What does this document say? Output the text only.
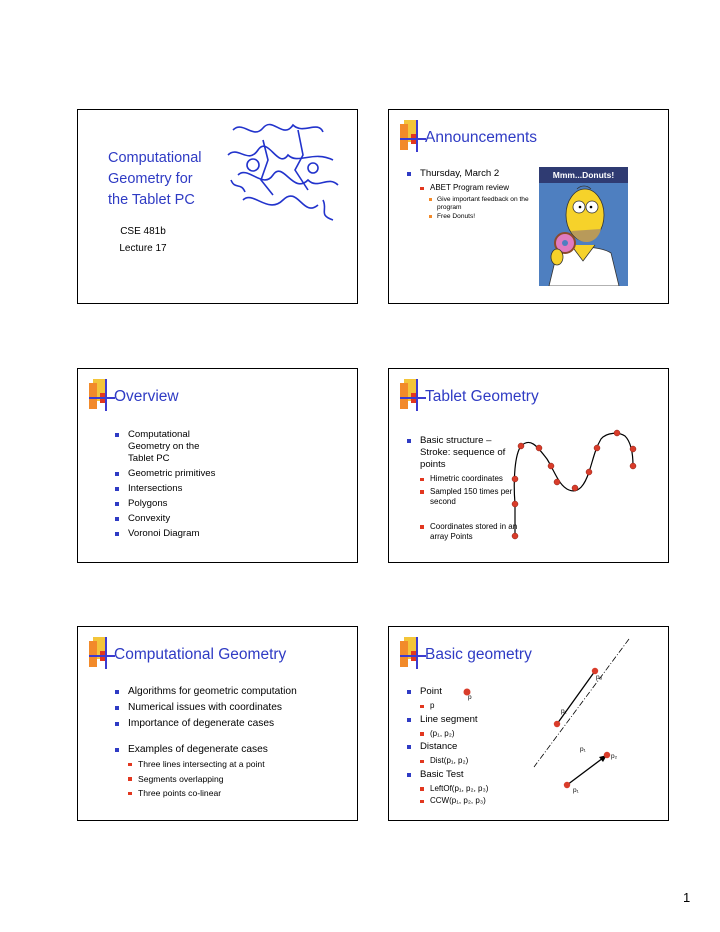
Computational
Geometry for
the Tablet PC
CSE 481b
Lecture 17
Announcements
Thursday, March 2
ABET Program review
Give important feedback on the program
Free Donuts!
Mmm...Donuts!
Overview
Computational Geometry on the Tablet PC
Geometric primitives
Intersections
Polygons
Convexity
Voronoi Diagram
Tablet Geometry
Basic structure – Stroke: sequence of points
Himetric coordinates
Sampled 150 times per second
Coordinates stored in an array Points
Computational Geometry
Algorithms for geometric computation
Numerical issues with coordinates
Importance of degenerate cases
Examples of degenerate cases
Three lines intersecting at a point
Segments overlapping
Three points co-linear
Basic geometry
Point
p
Line segment
(p₁, p₂)
Distance
Dist(p₁, p₂)
Basic Test
LeftOf(p₁, p₂, p₃)
CCW(p₁, p₂, p₃)
p
p₃
p₁
p₁
p₂
p₁
1
